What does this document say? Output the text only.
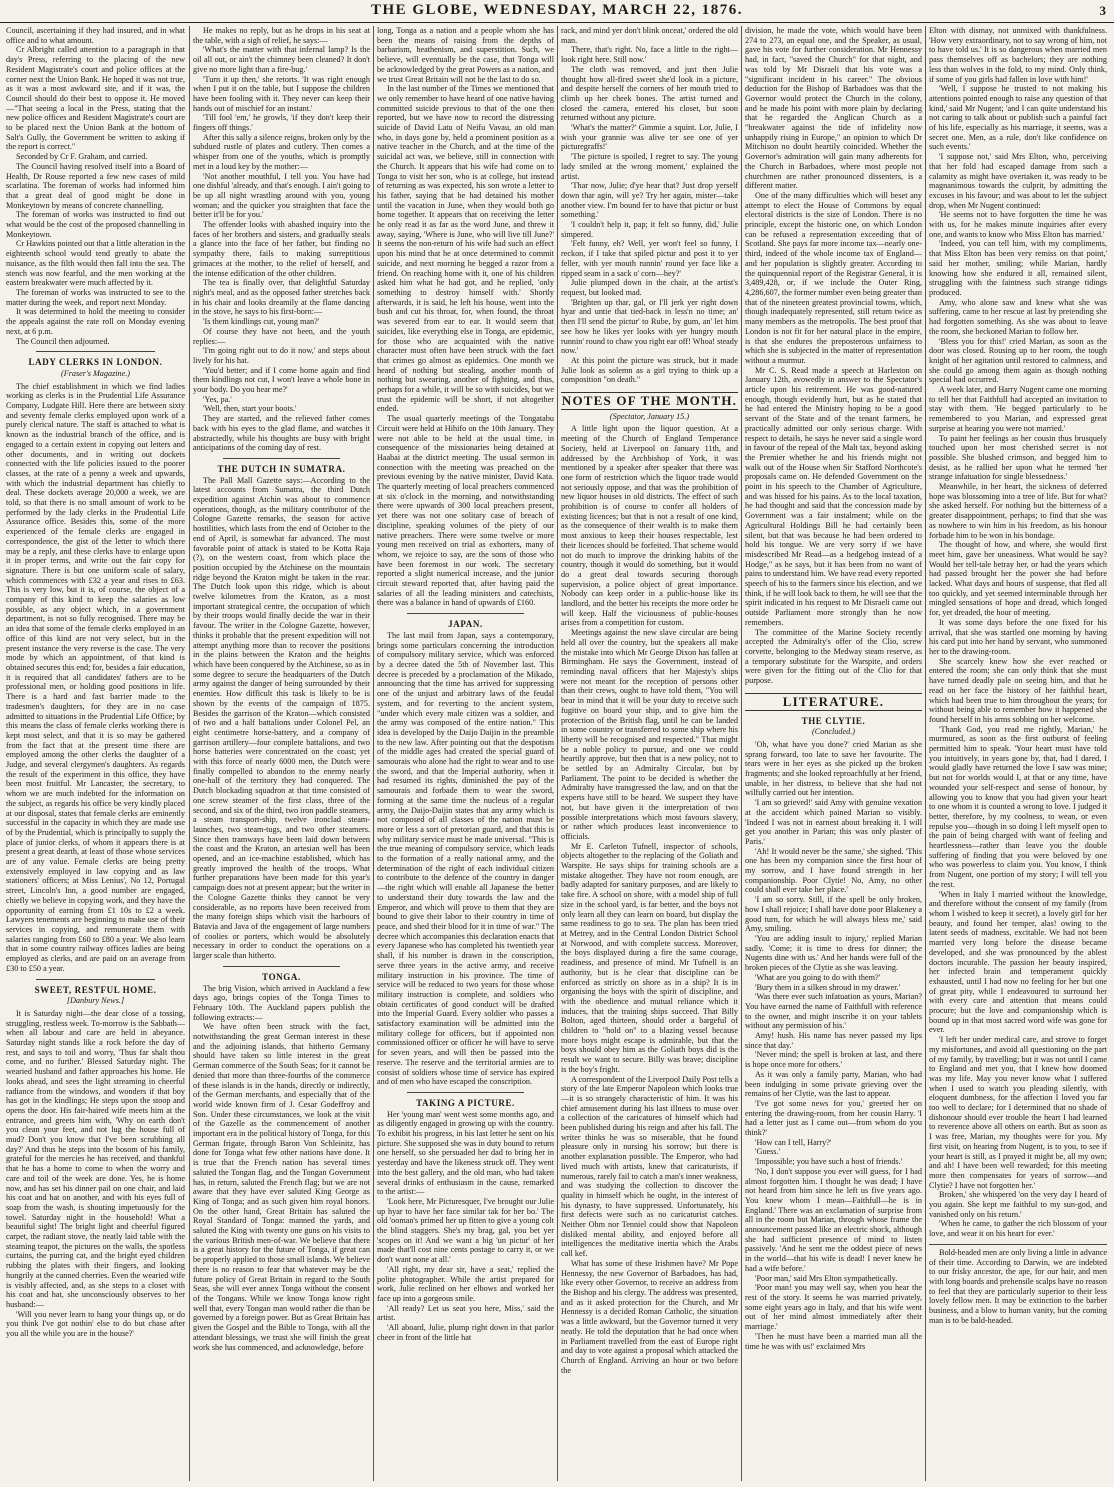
THE GLOBE, WEDNESDAY, MARCH 22, 1876.	3

Council, ascertaining if they had insured, and in what office and to what amount.

Cr Albright called attention to a paragraph in that day's Press, referring to the placing of the new Resident Magistrate's court and police offices at the corner next the Union Bank. He hoped it was not true, as it was a most awkward site, and if it was, the Council should do their best to oppose it. He moved—"That seeing a local in the Press, stating that the new police offices and Resident Magistrate's court are to be placed next the Union Bank at the bottom of Salt's Gully, the Government be written to asking if the report is correct."

Seconded by Cr F. Graham, and carried.

The Council having resolved itself into a Board of Health, Dr Rouse reported a few new cases of mild scarlatina. The foreman of works had informed him that a great deal of good might be done in Monkeytown by means of concrete channelling.

The foreman of works was instructed to find out what would be the cost of the proposed channelling in Monkeytown.

Cr Hawkins pointed out that a little alteration in the eighteenth school would tend greatly to abate the nuisance, as the filth would then fall into the sea. The stench was now fearful, and the men working at the eastern breakwater were much affected by it.

The foreman of works was instructed to see to the matter during the week, and report next Monday.

It was determined to hold the meeting to consider the appeals against the rate roll on Monday evening next, at 6 p.m.

The Council then adjourned.

LADY CLERKS IN LONDON.
(Fraser's Magazine.)

The chief establishment in which we find ladies working as clerks is in the Prudential Life Assurance Company, Ludgate Hill. Here there are between sixty and seventy female clerks employed upon work of a purely clerical nature. The staff is attached to what is known as the industrial branch of the office, and is engaged to a certain extent in copying out letters and other documents, and in writing out dockets connected with the life policies issued to the poorer classes, at the rate of a penny a week and upwards, with which the industrial department has chiefly to deal. These dockets average 20,000 a week, we are told, so that there is no small amount of work to be performed by the lady clerks in the Prudential Life Assurance office. Besides this, some of the more experienced of the female clerks are engaged in correspondence, the gist of the letter to which there may be a reply, and these clerks have to enlarge upon it in proper terms, and write out the fair copy for signature. There is but one uniform scale of salary, which commences with £32 a year and rises to £63. This is very low, but it is, of course, the object of a company of this kind to keep the salaries as low possible, as any object which, in a government department, is not so fully recognised. There may be an idea that some of the female clerks employed in an office of this kind are not very select, but in the present instance the very reverse is the case. The very mode by which an appointment, of that kind is obtained secures this end; for, besides a fair education, it is required that all candidates' fathers are to be professional men, or holding good positions in life. There is a hard and fast barrier made to the tradesmen's daughters, for they are in no case admitted to situations in the Prudential Life Office; by this means the class of female clerks working there is kept most select, and that it is so may be gathered from the fact that at the present time there are employed among the other clerks the daughter of a Judge, and several clergymen's daughters. As regards the result of the experiment in this office, they have been most fruitful. Mr Lancaster, the secretary, to whom we are much indebted for the information on the subject, as regards his office be very kindly placed at our disposal, states that female clerks are eminently successful in the capacity in which they are made use of by the Prudential, which is principally to supply the place of junior clerks, of whom it appears there is at present a great dearth, at least of those whose services are of any value. Female clerks are being pretty extensively employed in law copying and as law stationers' officers; at Miss Lenius', No 12, Portugal street, Lincoln's Inn, a good number are engaged, chiefly we believe in copying work, and they have the opportunity of earning from £1 10s to £2 a week. Lawyers tenements are beginning to make use of their services in copying, and remunerate them with salaries ranging from £60 to £80 a year. We also learn that in some country railway offices ladies are being employed as clerks, and are paid on an average from £30 to £50 a year.

SWEET, RESTFUL HOME.
[Danbury News.]

It is Saturday night—the dear close of a tossing, struggling, restless week. To-morrow is the Sabbath—when all labour and care are held in abeyance. Saturday night stands like a rock before the day of rest, and says to toil and worry, 'Thus far shalt thou come, and no further.' Blessed Saturday night. The wearied husband and father approaches his home. He looks ahead, and sees the light streaming in cheerful radiance from the windows, and wonders if that boy has got in the kindlings; He steps upon the stoop and opens the door. His fair-haired wife meets him at the entrance, and greets him with, 'Why on earth don't you clean your feet, and not lug the house full of mud? Don't you know that I've been scrubbing all day?' And thus he steps into the bosom of his family, grateful for the mercies he has received, and thankful that he has a home to come to when the worry and care and toil of the week are done. Yes, he is home now, and has set his dinner pail on one chair, and laid his coat and hat on another, and with his eyes full of soap from the wash, is shouting impetuously for the towel. Saturday night in the household! What a beautiful sight! The bright light and cheerful figured carpet, the radiant stove, the neatly laid table with the steaming teapot, the pictures on the walls, the spotless curtains, the purring cat, and the bright eyed children rubbing the plates with their fingers, and looking hungrily at the canned cherries. Even the wearied wife is visibly affected, and, as she steps to a closet with his coat and hat, she unconsciously observes to her husband:—

'Will you never learn to hang your things up, or do you think I've got nothin' else to do but chase after you all the while you are in the house?'

He makes no reply, but as he drops in his seat at the table, with a sigh of relief, he says:—

'What's the matter with that infernal lamp? Is the oil all out, or ain't the chimney been cleaned? It don't give no more light than a fire-bug.'

'Turn it up then,' she retorts. 'It was right enough when I put it on the table, but I suppose the children have been fooling with it. They never can keep their hands out of mischief for an instant.'

'Till fool 'em,' he growls, 'if they don't keep their fingers off things.'

After this sally a silence reigns, broken only by the subdued rustle of plates and cutlery. Then comes a whisper from one of the youths, which is promptly met in a loud key by the mother:—

'Not another mouthful, I tell you. You have had one dishful 'already, and that's enough. I ain't going to be up all night wrastling around with you, young woman; and the quicker you straighten that face the better it'll be for you.'

The offender looks with abashed inquiry into the faces of her brothers and sisters, and gradually steals a glance into the face of her father, but finding no sympathy there, fails to making surreptitious grimaces at the mother, to the relief of herself, and the intense edification of the other children.

The tea is finally over, that delightful Saturday night's meal, and as the opposed father stretches back in his chair and looks dreamily at the flame dancing in the stove, he says to his first-born:—

'Is them kindlings cut, young man?'

Of course they have not been, and the youth replies:—

'I'm going right out to do it now,' and steps about lively for his hat.

'You'd better; and if I come home again and find them kindlings not cut, I won't leave a whole bone in your body. Do you hear me?'

'Yes, pa.'

'Well, then, start your boots.'

They are started, and the relieved father comes back with his eyes to the glad flame, and watches it abstractedly, while his thoughts are busy with bright anticipations of the coming day of rest.

THE DUTCH IN SUMATRA.

The Pall Mall Gazette says:—According to the latest accounts from Sumatra, the third Dutch expedition against Atchin was about to commence operations, though, as the military contributor of the Cologne Gazette remarks, the season for active hostilities, which lasts from the end of October to the end of April, is somewhat far advanced. The most favorable point of attack is stated to be Kotta Raja (?), on the western coast, from which place the position occupied by the Atchinese on the mountain ridge beyond the Kraton might be taken in the rear. The Dutch look upon this ridge, which is about twelve kilometres from the Kraton, as a most important strategical centre, the occupation of which by their troops would finally decide the war in their favour. The writer in the Cologne Gazette, however, thinks it probable that the present expedition will not attempt anything more than to recover the positions in the plains between the Kraton and the heights which have been conquered by the Atchinese, so as in some degree to secure the headquarters of the Dutch army against the danger of being surrounded by their enemies. How difficult this task is likely to be is shown by the events of the campaign of 1875. Besides the garrison of the Kraton—which consisted of two and a half battalions under Colonel Pel, an eight centimetre horse-battery, and a company of garrison artillery—four complete battalions, and two horse batteries were concentrated on the coast; yet with this force of nearly 6000 men, the Dutch were finally compelled to abandon to the enemy nearly one-half of the territory they had conquered. The Dutch blockading squadron at that time consisted of one screw steamer of the first class, three of the second, and six of the third, two iron paddle steamers, a steam transport-ship, twelve ironclad steam-launches, two steam-tugs, and two other steamers. Since then tramways have been laid down between the coast and the Kraton, an artesian well has been opened, and an ice-machine established, which has greatly improved the health of the troops. What further preparations have been made for this year's campaign does not at present appear; but the writer in the Cologne Gazette thinks they cannot be very considerable, as no reports have been received from the many foreign ships which visit the harbours of Batavia and Java of the engagement of large numbers of coolies or porters, which would be absolutely necessary in order to conduct the operations on a larger scale than hitherto.

TONGA.

The brig Vision, which arrived in Auckland a few days ago, brings copies of the Tonga Times to February 10th. The Auckland papers publish the following extracts:—

We have often been struck with the fact, notwithstanding the great German interest in these and the adjoining islands, that hitherto Germany should have taken so little interest in the great German commerce of the South Seas; for it cannot be denied that more than three-fourths of the commerce of these islands is in the hands, directly or indirectly, of the German merchants, and especially that of the world wide known firm of J. Cesar Godeffroy and Son. Under these circumstances, we look at the visit of the Gazelle as the commencement of another important era in the political history of Tonga, for this German frigate, through Baron Von Schleinitz, has done for Tonga what few other nations have done. It is true that the French nation has several times saluted the Tongan flag, and the Tongan Government has, in return, saluted the French flag; but we are not aware that they have ever saluted King George as King of Tonga; and as such given him royal honors. On the other hand, Great Britain has saluted the Royal Standard of Tonga: manned the yards, and saluted the King with twenty one guns on his visits to the various British men-of-war. We believe that there is a great history for the future of Tonga, if great can be properly applied to those small islands. We believe there is no reason to fear that whatever may be the future policy of Great Britain in regard to the South Seas, she will ever annex Tonga without the consent of the Tongans. While we know Tonga know right well that, every Tongan man would rather die than be governed by a foreign power. But as Great Britain has given the Gospel and the Bible to Tonga, with all the attendant blessings, we trust she will finish the great work she has commenced, and acknowledge, before

long, Tonga as a nation and a people whom she has been the means of raising from the depths of barbarism, heathenism, and superstition. Such, we believe, will eventually be the case, that Tonga will be acknowledged by the great Powers as a nation, and we trust Great Britain will not be the last to do so.

In the last number of the Times we mentioned that we only remember to have heard of one native having committed suicide previous to that of the one then reported, but we have now to record the distressing suicide of David Latu of Neifu Vavau, an old man who, in days gone by, held a prominent position as a native teacher in the Church, and at the time of the suicidal act was, we believe, still in connection with the Church. It appears that his wife had come on to Tonga to visit her son, who is at college, but instead of returning as was expected, his son wrote a letter to his father, saying that he had detained his mother until the vacation in June, when they would both go home together. It appears that on receiving the letter he only read it as far as the word June, and threw it away, saying, 'Where is June, who will live till June?' It seems the non-return of his wife had such an effect upon his mind that he at once determined to commit suicide, and next morning he begged a razor from a friend. On reaching home with it, one of his children asked him what he had got, and he replied, 'only something to destroy himself with.' Shortly afterwards, it is said, he left his house, went into the bush and cut his throat, for, when found, the throat was severed from ear to ear. It would seem that suicides, like everything else in Tonga, are epidemic, for those who are acquainted with the native character must often have been struck with the fact that crimes go almost as epidemics. One month we heard of nothing but stealing, another month of nothing but swearing, another of fighting, and thus, perhaps for a while, it will be so with suicides, but we trust the epidemic will be short, if not altogether ended.

The usual quarterly meetings of the Tongatabu Circuit were held at Hihifo on the 10th January. They were not able to be held at the usual time, in consequence of the missionaries being detained at Haabai at the district meeting. The usual sermon in connection with the meeting was preached on the previous evening by the native minister, David Kata. The quarterly meeting of local preachers commenced at six o'clock in the morning, and notwithstanding there were upwards of 300 local preachers present, yet there was not one solitary case of breach of discipline, speaking volumes of the piety of our native preachers. There were some twelve or more young men received on trial as exhorters, many of whom, we rejoice to say, are the sons of those who have been foremost in our work. The secretary reported a slight numerical increase, and the junior circuit steward reported that, after having paid the salaries of all the leading ministers and catechists, there was a balance in hand of upwards of £160.

JAPAN.

The last mail from Japan, says a contemporary, brings some particulars concerning the introduction of compulsory military service, which was enforced by a decree dated the 5th of November last. This decree is preceded by a proclamation of the Mikado, announcing that the time has arrived for suppressing one of the unjust and arbitrary laws of the feudal system, and for reverting to the ancient system, "under which every male citizen was a soldier, and the army was composed of the entire nation." This idea is developed by the Daijo Daijin in the preamble to the new law. After pointing out that the despotism of the middle ages had created the special guard of samourais who alone had the right to wear and to use the sword, and that the Imperial authority, when it had resumed its rights, diminished the pay of the samourais and forbade them to wear the sword, forming at the same time the nucleus of a regular army, the Daijo-Daijin states that any army which is not composed of all classes of the nation must be more or less a sort of pretorian guard, and that this is why military service must be made universal. "This is the true meaning of compulsory service, which leads to the formation of a really national army, and the determination of the right of each individual citizen to contribute to the defence of the country in danger—the right which will enable all Japanese the better to understand their duty towards the law and the Emperor, and which will prove to them that they are bound to give their labor to their country in time of peace, and shed their blood for it in time of war." The decree which accompanies this declaration enacts that every Japanese who has completed his twentieth year shall, if his number is drawn in the conscription, serve three years in the active army, and receive military instruction in his province. The time of service will be reduced to two years for those whose military instruction is complete, and soldiers who obtain certificates of good conduct will be drafted into the Imperial Guard. Every soldier who passes a satisfactory examination will be admitted into the military college for officers, but if appointed non commissioned officer or officer he will have to serve for seven years, and will then be passed into the reserve. The reserve and the territorial armies are to consist of soldiers whose time of service has expired and of men who have escaped the conscription.

TAKING A PICTURE.

Her 'young man' went west some months ago, and as diligently engaged in growing up with the country. To exhibit his progress, in his last letter he sent on his picture. She supposed she was in duty bound to return one herself, so she persuaded her dad to bring her in yesterday and have the likeness struck off. They went into the best gallery, and the old man, who had taken several drinks of enthusiasm in the cause, remarked to the artist:—

'Look here, Mr Picturesquer, I've brought our Julie up hyar to have her face similar tak for her bo.' The old 'ooman's primed her up fitten to give a young colt the blind staggers. She's my brag, gal, you bet yer 'scopes on it! And we want a big 'un pictur' of her made that'll cost nine cents postage to carry it, or we don't want none at all.'

'All right, my dear sir, have a seat,' replied the polite photographer. While the artist prepared for work, Julie reclined on her elbows and worked her face up into a gorgeous smile.

'All ready? Let us seat you here, Miss,' said the artist.

'All aboard, Julie, plump right down in that parlor cheer in front of the little hat

rack, and mind yer don't blink onceat,' ordered the old man.

There, that's right. No, face a little to the right—look right here. Still now.'

The cloth was removed, and just then Julie thought how all-fired sweet she'd look in a picture, and despite herself the corners of her mouth tried to climb up her cheek bones. The artist turned and closed the camera, entered his closet, but soon returned without any picture.

'What's the matter?' Gimmie a squint. Lor, Julie, I wish your grannie was alive ter see one of yer picturegraffs!'

'The picture is spoiled, I regret to say. The young lady smiled at the wrong moment,' explained the artist.

'Thar now, Julie; d'ye hear that? Just drop yerself down thar agin, will ye? Try her again, mister—take another view. I'm bound fer to have that pictur or bust something.'

'I couldn't help it, pap; it felt so funny, did,' Julie simpered.

'Felt funny, eh? Well, yer won't feel so funny, I reckon, if I take that spiled pictur and post it to yer feller, with yer mouth runnin' round yer face like a ripped seam in a sack o' corn—hey?'

Julie plumped down in the chair, at the artist's request, but looked mad.

'Brighten up thar, gal, or I'll jerk yer right down hyar and untie that tied-back in less'n no time; an' then I'll send the pictur' to Rube, by gum, an' let him see how he likes yer looks with yer hungry mouth runnin' round to chaw you right ear off! Whoa! steady now.'

At this point the picture was struck, but it made Julie look as solemn as a girl trying to think up a composition "on death."

NOTES OF THE MONTH.
(Spectator, January 15.)

A little light upon the liquor question. At a meeting of the Church of England Temperance Society, held at Liverpool on January 11th, and addressed by the Archbishop of York, it was mentioned by a speaker after speaker that there was one form of restriction which the liquor trade would not seriously oppose, and that was the prohibition of new liquor houses in old districts. The effect of such prohibition is of course to confer all holders of existing licences; but that is not a result of one kind, as the consequence of their wealth is to make them most anxious to keep their houses respectable, lest their licences should be forfeited. That scheme would not do much to improve the drinking habits of the country, though it would do something, but it would do a great deal towards securing thorough supervision, a police object of great importance. Nobody can keep order in a public-house like its landlord, and the better his receipts the more order he will keep. Half the viciousness of public-houses arises from a competition for custom.

Meetings against the new slave circular are being held all over the country, but the speakers all make the mistake into which Mr George Dixon has fallen at Birmingham. He says the Government, instead of reminding naval officers that her Majesty's ships were not meant for the reception of persons other than their crews, ought to have told them, "You will bear in mind that it will be your duty to receive such fugitive on board your ship, and to give him the protection of the British flag, until he can be landed in some country or transferred to some ship where his liberty will be recognised and respected." That might be a noble policy to pursue, and one we could heartily approve, but then that is a new policy, not to be settled by an Admiralty Circular, but by Parliament. The point to be decided is whether the Admiralty have transgressed the law, and on that the experts have still to be heard. We suspect they have not, but have given it the interpretation of two possible interpretations which most favours slavery, or rather which produces least inconvenience to officials.

Mr E. Carleton Tufnell, inspector of schools, objects altogether to the replacing of the Goliath and Warspite. He says ships for training schools are a mistake altogether. They have not room enough, are badly adapted for sanitary purposes, and are likely to take fire. A school on shore, with a model ship of full size in the school yard, is far better, and the boys not only learn all they can learn on board, but display the same readiness to go to sea. The plan has been tried at Metrey, and in the Central London District School at Norwood, and with complete success. Moreover, the boys displayed during a fire the same courage, readiness, and presence of mind. Mr Tufnell is an authority, but is he clear that discipline can be enforced as strictly on shore as in a ship? It is in organising the boys with the spirit of discipline, and with the obedience and mutual reliance which it induces, that the training ships succeed. That Billy Bolton, aged thirteen, should order a bargeful of children to "hold on" to a blazing vessel because more boys might escape is admirable, but that the boys should obey him as the Goliath boys did is the result we want to secure. Billy was brave; discipline is the boy's fright.

A correspondent of the Liverpool Daily Post tells a story of the late Emperor Napoleon which looks true—it is so strangely characteristic of him. It was his chief amusement during his last illness to muse over a collection of the caricatures of himself which had been published during his reign and after his fall. The writer thinks he was so miserable, that he found pleasure only in nursing his sorrow; but there is another explanation possible. The Emperor, who had lived much with artists, knew that caricaturists, if numerous, rarely fail to catch a man's inner weakness, and was studying the collection to discover the quality in himself which he ought, in the interest of his dynasty, to have suppressed. Unfortunately, his first defects were such as no caricaturist catches. Neither Ohm nor Tenniel could show that Napoleon disliked mental ability, and enjoyed before all intelligences the meditative inertia which the Arabs call kef.

What has some of these Irishmen have? Mr Pope Hennessy, the new Governor of Barbadoes, has had, like every other Governor, to receive an address from the Bishop and his clergy. The address was presented, and as it asked protection for the Church, and Mr Hennessy is a decided Roman Catholic, the situation was a little awkward, but the Governor turned it very neatly. He told the deputation that he had once when in Parliament travelled from the east of Europe right and day to vote against a proposal which attacked the Church of England. Arriving an hour or two before the

division, he made the vote, which would have been 274 to 273, an equal one, and the Speaker, as usual, gave his vote for further consideration. Mr Hennessy had, in fact, "saved the Church" for that night, and was told by Mr Disraeli that his vote was a "significant incident in his career." The obvious deduction for the Bishop of Barbadoes was that the Governor would protect the Church in the colony, and he made his point with more plain by declaring that he regarded the Anglican Church as a "breakwater against the tide of infidelity now unhappily rising in Europe," an opinion to which Dr Mitchison no doubt heartily coincided. Whether the Governor's admiration will gain many adherents for the Church in Barbadoes, where most people not churchmen are rather pronounced dissenters, is a different matter.

One of the many difficulties which will beset any attempt to elect the House of Commons by equal electoral districts is the size of London. There is no principle, except the historic one, on which London can be refused a representation exceeding that of Scotland. She pays far more income tax—nearly one-third, indeed of the whole income tax of England—and her population is slightly greater. According to the quinquennial report of the Registrar General, it is 3,489,428, or, if we include the Outer Ring, 4,286,607, the former number even being greater than that of the nineteen greatest provincial towns, which, though inadequately represented, still return twice as many members as the metropolis. The best proof that London is not fit for her natural place in the empire, is that she endures the preposterous unfairness to which she is subjected in the matter of representation without a murmur.

Mr C. S. Read made a speech at Harleston on January 12th, avowedly in answer to the Spectator's article upon his retirement. He was good-natured enough, though evidently hurt, but as he stated that he had entered the Ministry hoping to be a good servant of the State and of the tenant farmers, he practically admitted our only serious charge. With respect to details, he says he never said a single word in favour of the repeal of the Malt tax, beyond asking the Premier whether he and his friends might not walk out of the House when Sir Stafford Northcote's proposals came on. He defended Government on the point in his speech to the Chamber of Agriculture, and was hissed for his pains. As to the local taxation, he had thought and said that the concession made by Government was a fair instalment; while on the Agricultural Holdings Bill he had certainly been silent, but that was because he had been ordered to hold his tongue. We are very sorry if we have misdescribed Mr Read—as a hedgehog instead of a Hodge," as he says, but it has been from no want of pains to understand him. We have read every reported speech of his to the farmers since his election, and we think, if he will look back to them, he will see that the spirit indicated in his request to Mr Disraeli came out outside Parliament more strongly than he now remembers.

The committee of the Marine Society recently accepted the Admiralty's offer of the Clio, screw corvette, belonging to the Medway steam reserve, as a temporary substitute for the Warspite, and orders were given for the fitting out of the Clio for that purpose.

LITERATURE.
THE CLYTIE.
(Concluded.)

'Oh, what have you done?' cried Marian as she sprang forward, too late to save her favourite. The tears were in her eyes as she picked up the broken fragments; and she looked reproachfully at her friend, unable, in her distress, to believe that she had not wilfully carried out her intention.

'I am so grieved!' said Amy with genuine vexation at the accident which pained Marian so visibly. 'Indeed I was not in earnest about breaking it. I will get you another in Parian; this was only plaster of Paris.'

'Ah! It would never be the same,' she sighed. 'This one has been my companion since the first hour of my sorrow, and I have found strength in her companionship. Poor Clytie! No, Amy, no other could shall ever take her place.'

'I am so sorry. Still, if the spell be only broken, how I shall rejoice; I shall have done poor Blakeney a good turn, for which he will always bless me,' said Amy, smiling.

'You are adding insult to injury,' replied Marian sadly. 'Come; it is time to dress for dinner; the Nugents dine with us.' And her hands were full of the broken pieces of the Clytie as she was leaving.

'What are you going to do with them?'

'Bury them in a silken shroud in my drawer.'

'Was there ever such infatuation as yours, Marian? You have earned the name of Faithfull with reference to the owner, and might inscribe it on your tablets without any permission of his.'

Amy! hush. His name has never passed my lips since that day.'

'Never mind; the spell is broken at last, and there is hope once more for others.'

As it was only a family party, Marian, who had been indulging in some private grieving over the remains of her Clytie, was the last to appear.

'I've got some news for you,' greeted her on entering the drawing-room, from her cousin Harry. 'I had a letter just as I came out—from whom do you think?'

'How can I tell, Harry?'

'Guess.'

'Impossible; you have such a host of friends.'

'No, I don't suppose you ever will guess, for I had almost forgotten him. I thought he was dead; I have not heard from him since he left us five years ago. You knew whom I mean—Faithfull—he is in England.' There was an exclamation of surprise from all in the room but Marian, through whose frame the announcement passed like an electric shock, although she had sufficient presence of mind to listen passively. 'And he sent me the oddest piece of news in the world—that his wife is dead! I never knew he had a wife before.'

'Poor man,' said Mrs Elton sympathetically.

'Poor man! you may well say, when you hear the rest of the story. It seems he was married privately, some eight years ago in Italy, and that his wife went out of her mind almost immediately after their marriage.'

'Then he must have been a married man all the time he was with us!' exclaimed Mrs

Elton with dismay, not unmixed with thankfulness. 'How very extraordinary, not to say wrong of him, not to have told us.' It is so dangerous when married men pass themselves off as bachelors; they are nothing less than wolves in the fold, to my mind. Only think, if some of you girls had fallen in love with him!'

'Well, I suppose he trusted to not making his attentions pointed enough to raise any question of that kind,' said Mr Nugent; 'and I can quite understand his not caring to talk about or publish such a painful fact of his life, especially as his marriage, it seems, was a secret one. Men, as a rule, don't like confidence on such events.'

'I suppose not,' said Mrs Elton, who, perceiving that her fold had escaped damage from such a calamity as might have overtaken it, was ready to be magnanimous towards the culprit, by admitting the excuses in his favour; and was about to let the subject drop, when Mr Nugent continued:

'He seems not to have forgotten the time he was with us, for he makes minute inquiries after every one, and wants to know who Miss Elton has married.'

'Indeed, you can tell him, with my compliments, that Miss Elton has been very remiss on that point,' said her mother, smiling; while Marian, hardly knowing how she endured it all, remained silent, struggling with the faintness such strange tidings produced.

Amy, who alone saw and knew what she was suffering, came to her rescue at last by pretending she had forgotten something. As she was about to leave the room, she beckoned Marian to follow her.

'Bless you for this!' cried Marian, as soon as the door was closed. Rousing up to her room, the tough knight of her agitation until restored to calmness, and she could go among them again as though nothing special had occurred.

A week later, and Harry Nugent came one morning to tell her that Faithfull had accepted an invitation to stay with them. 'He begged particularly to be remembered to you Marian, and expressed great surprise at hearing you were not married.'

To paint her feelings as her cousin thus brusquely touched upon her most cherished secret is not possible. She blushed crimson, and begged him to desist, as he rallied her upon what he termed 'her strange infatuation for single blessedness.'

Meanwhile, in her heart, the sickness of deferred hope was blossoming into a tree of life. But for what? she asked herself. For nothing but the bitterness of a greater disappointment, perhaps; to find that she was as nowhere to win him in his freedom, as his honour forbade him to be won in his bondage.

The thought of how, and where, she would first meet him, gave her uneasiness. What would he say? Would her tell-tale betray her, or had the years which had passed brought her the power she had before lacked. What days and hours of suspense, that fled all too quickly, and yet seemed interminable through her mingled sensations of hope and dread, which longed for, yet dreaded, the hour of meeting.

It was some days before the one fixed for his arrival, that she was startled one morning by having his card put into her hand by servant, who summoned her to the drawing-room.

She scarcely knew how she ever reached or entered the room; she can only think that she must have turned deadly pale on seeing him, and that he read on her face the history of her faithful heart, which had been true to him throughout the years; for without being able to remember how it happened she found herself in his arms sobbing on her welcome.

'Thank God, you read me rightly, Marian,' he murmured, as soon as the first outburst of feeling permitted him to speak. 'Your heart must have told you intuitively, in years gone by, that, had I dared, I would gladly have returned the love I saw was mine; but not for worlds would I, at that or any time, have wounded your self-respect and sense of honour, by allowing you to know that you had given your heart to one whom it is counted a wrong to love. I judged it better, therefore, by my coolness, to wean, or even repulse you—though in so doing I left myself open to the pain of being charged with want of feeling and heartlessness—rather than leave you the double suffering of finding that you were beloved by one who was powerless to claim you. You know, I think from Nugent, one portion of my story; I will tell you the rest.

'When in Italy I married without the knowledge, and therefore without the consent of my family (from whom I wished to keep it secret), a lovely girl for her beauty, and found her temper, alas! owing to the latent seeds of madness, excitable. We had not been married very long before the disease became developed, and she was pronounced by the ablest doctors incurable. The passion her beauty inspired, her infected brain and temperament quickly exhausted, until I had now no feeling for her but one of great pity, while I endeavoured to surround her with every care and attention that means could procure; but the love and companionship which is bound up in that most sacred word wife was gone for ever.

'I left her under medical care, and strove to forget my misfortunes, and avoid all questioning on the part of my family, by travelling; but it was not until I came to England and met you, that I knew how doomed was my life. May you never know what I suffered when I used to watch you pleading silently, with eloquent dumbness, for the affection I loved you far too well to declare; for I determined that no shade of dishonour should ever trouble the heart I had learned to reverence above all others on earth. But as soon as I was free, Marian, my thoughts were for you. My first visit, on hearing from Nugent, is to you, to see if your heart is still, as I prayed it might be, all my own; and ah! I have been well rewarded; for this meeting more then compensates for years of sorrow—and Clytie? I have not forgotten her.'

Broken,' she whispered 'on the very day I heard of you again. She kept me faithful to my sun-god, and vanished only on his return.'

'When he came, to gather the rich blossom of your love, and wear it on his heart for ever.'

Bold-headed men are only living a little in advance of their time. According to Darwin, we are indebted to our frisky ancestor, the ape, for our hair, and men with long boards and prehensile scalps have no reason to feel that they are particularly superior to their less lovely fellow men. It may be extinction to the barber business, and a blow to human vanity, but the coming man is to be bald-headed.
